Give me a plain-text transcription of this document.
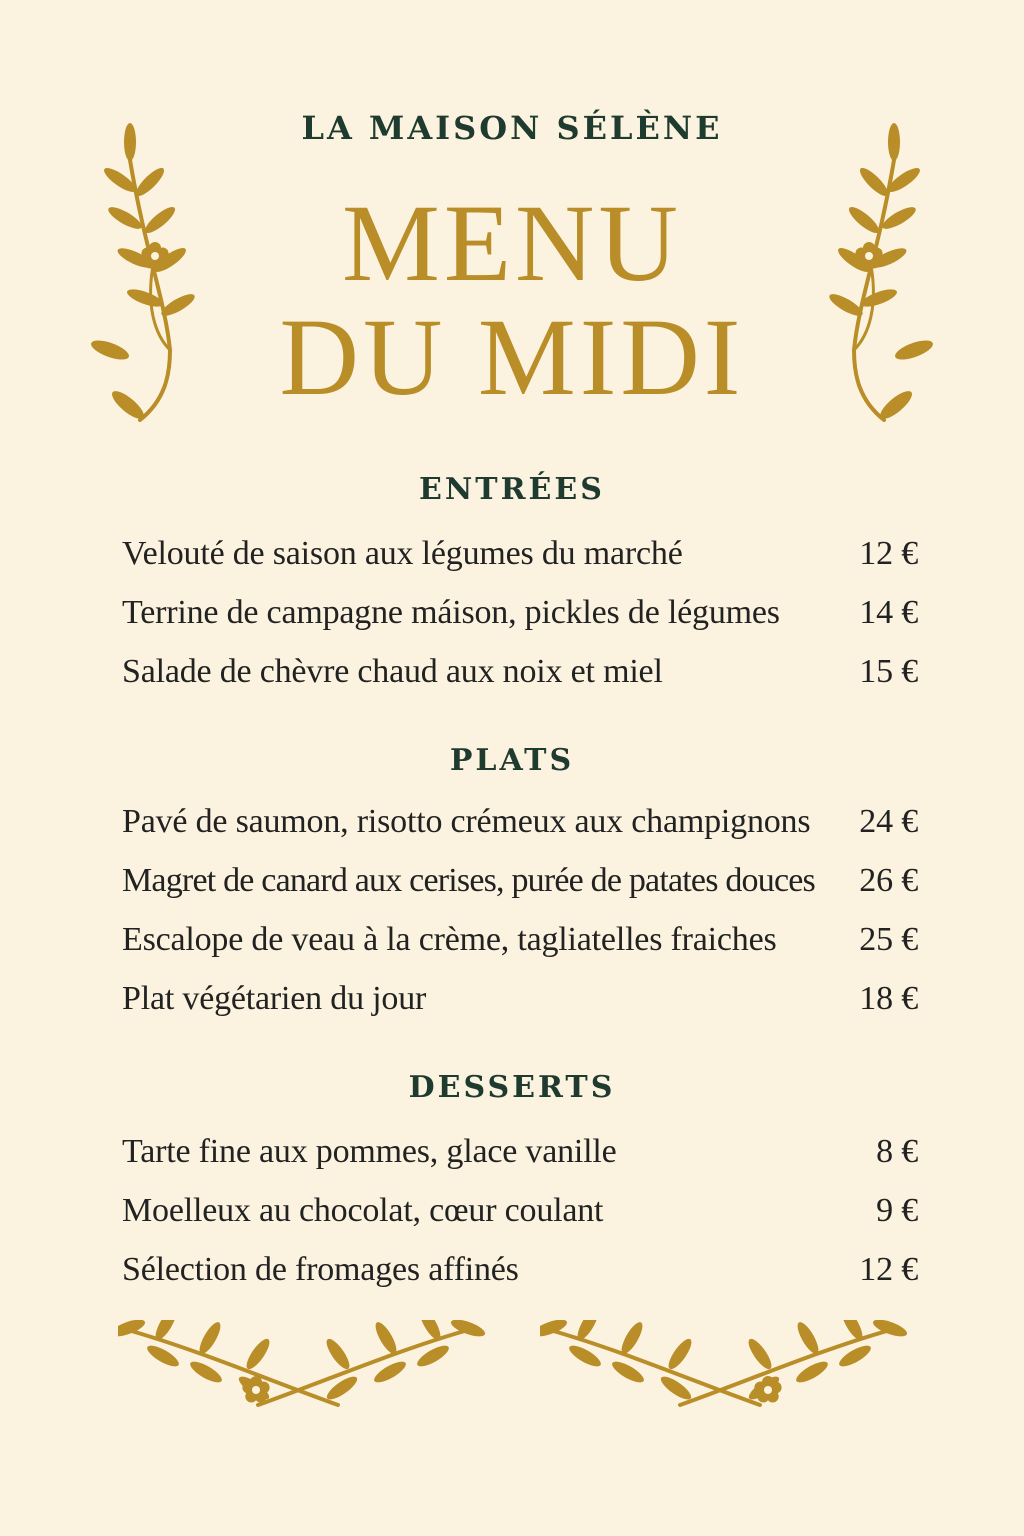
LA MAISON SÉLÈNE
MENU
DU MIDI
ENTRÉES
Velouté de saison aux légumes du marché	12 €
Terrine de campagne máison, pickles de légumes 14 €
Salade de chèvre chaud aux noix et miel	15 €
PLATS
Pavé de saumon, risotto crémeux aux champignons 24 €
Magret de canard aux cerises, purée de patates douces 26 €
Escalope de veau à la crème, tagliatelles fraiches 25 €
Plat végétarien du jour	18 €
DESSERTS
Tarte fine aux pommes, glace vanille	8 €
Moelleux au chocolat, cœur coulant	9 €
Sélection de fromages affinés	12 €
